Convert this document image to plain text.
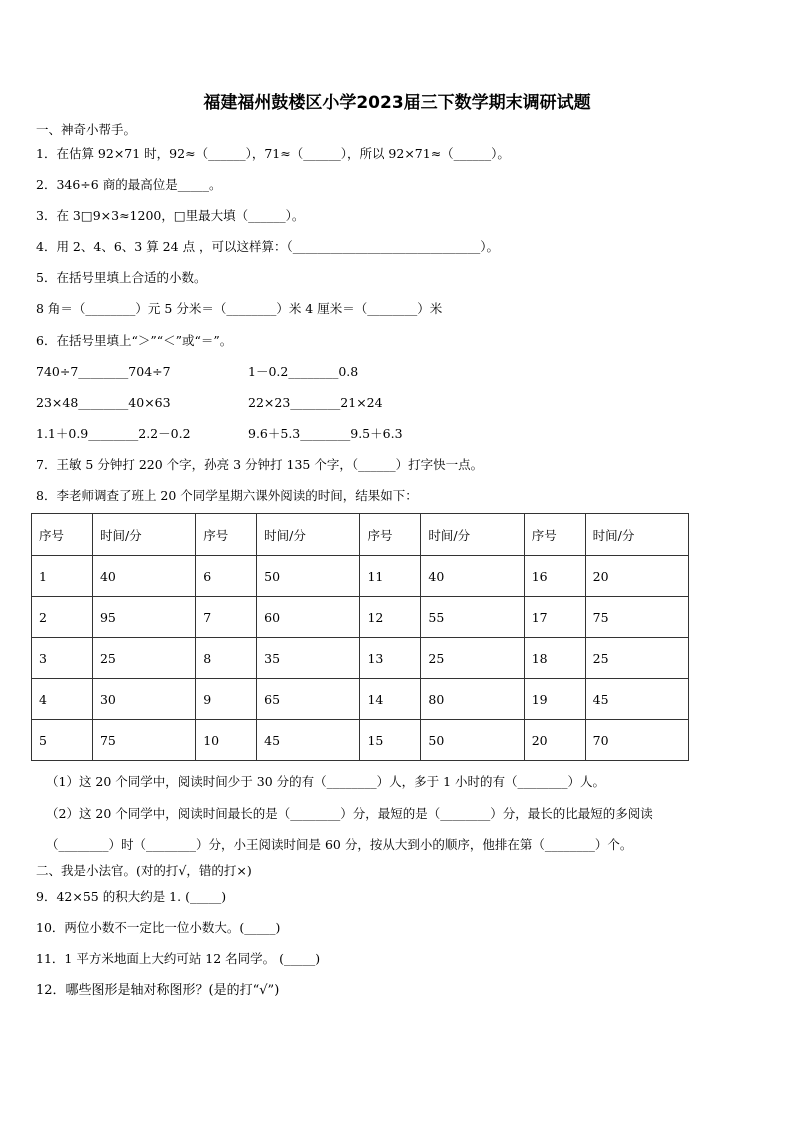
福建福州鼓楼区小学2023届三下数学期末调研试题
一、神奇小帮手。
1．在估算 92×71 时，92≈（______），71≈（______），所以 92×71≈（______）。
2．346÷6 商的最高位是_____。
3．在 3□9×3≈1200，□里最大填（______）。
4．用 2、4、6、3 算 24 点 ，可以这样算：（______________________________）。
5．在括号里填上合适的小数。
8 角＝（________）元 5 分米＝（________）米 4 厘米＝（________）米
6．在括号里填上“＞”“＜”或“＝”。
740÷7________704÷7	1－0.2________0.8
23×48________40×63	22×23________21×24
1.1＋0.9________2.2－0.2	9.6＋5.3________9.5＋6.3
7．王敏 5 分钟打 220 个字，孙亮 3 分钟打 135 个字，（______）打字快一点。
8．李老师调查了班上 20 个同学星期六课外阅读的时间，结果如下：
序号	时间/分	序号	时间/分	序号	时间/分	序号	时间/分
1	40	6	50	11	40	16	20
2	95	7	60	12	55	17	75
3	25	8	35	13	25	18	25
4	30	9	65	14	80	19	45
5	75	10	45	15	50	20	70
（1）这 20 个同学中，阅读时间少于 30 分的有（________）人，多于 1 小时的有（________）人。
（2）这 20 个同学中，阅读时间最长的是（________）分，最短的是（________）分，最长的比最短的多阅读
（________）时（________）分，小王阅读时间是 60 分，按从大到小的顺序，他排在第（________）个。
二、我是小法官。(对的打√，错的打×)
9．42×55 的积大约是 1. (_____)
10．两位小数不一定比一位小数大。(_____)
11．1 平方米地面上大约可站 12 名同学。 (_____)
12．哪些图形是轴对称图形？(是的打“√”)
